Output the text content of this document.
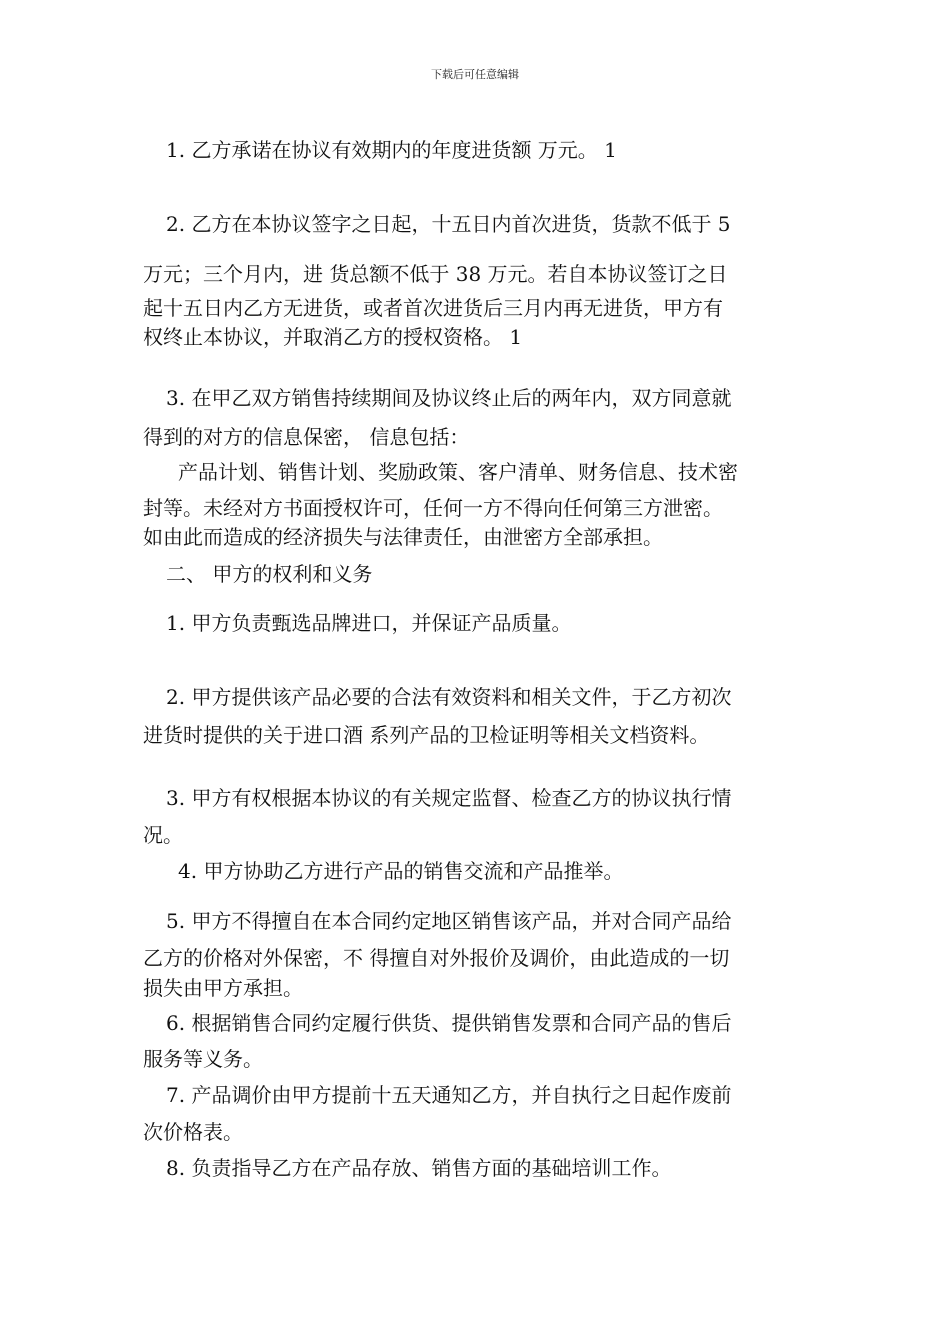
下载后可任意编辑
1. 乙方承诺在协议有效期内的年度进货额 万元。 1
2. 乙方在本协议签字之日起，十五日内首次进货，货款不低于 5
万元；三个月内，进 货总额不低于 38 万元。若自本协议签订之日
起十五日内乙方无进货，或者首次进货后三月内再无进货，甲方有
权终止本协议，并取消乙方的授权资格。 1
3. 在甲乙双方销售持续期间及协议终止后的两年内，双方同意就
得到的对方的信息保密， 信息包括：
产品计划、销售计划、奖励政策、客户清单、财务信息、技术密
封等。未经对方书面授权许可，任何一方不得向任何第三方泄密。
如由此而造成的经济损失与法律责任，由泄密方全部承担。
二、 甲方的权利和义务
1. 甲方负责甄选品牌进口，并保证产品质量。
2. 甲方提供该产品必要的合法有效资料和相关文件，于乙方初次
进货时提供的关于进口酒 系列产品的卫检证明等相关文档资料。
3. 甲方有权根据本协议的有关规定监督、检查乙方的协议执行情
况。
4. 甲方协助乙方进行产品的销售交流和产品推举。
5. 甲方不得擅自在本合同约定地区销售该产品，并对合同产品给
乙方的价格对外保密，不 得擅自对外报价及调价，由此造成的一切
损失由甲方承担。
6. 根据销售合同约定履行供货、提供销售发票和合同产品的售后
服务等义务。
7. 产品调价由甲方提前十五天通知乙方，并自执行之日起作废前
次价格表。
8. 负责指导乙方在产品存放、销售方面的基础培训工作。
